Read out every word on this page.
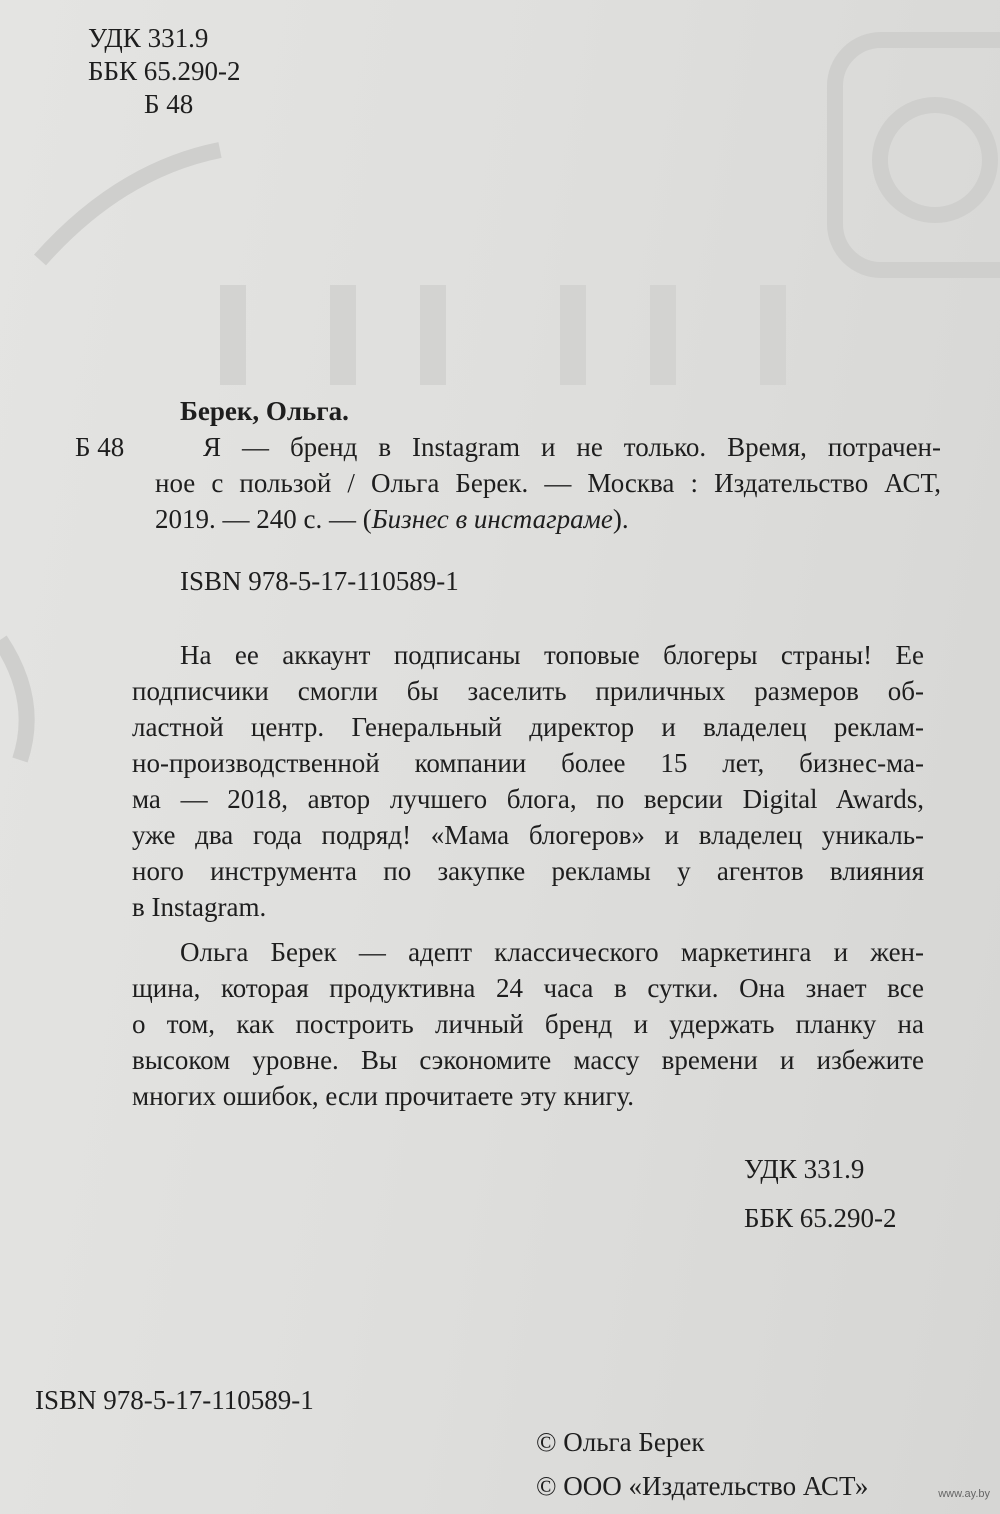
УДК 331.9
ББК 65.290-2
Б 48
Берек, Ольга.
Б 48	Я — бренд в Instagram и не только. Время, потрачен-
ное с пользой / Ольга Берек. — Москва : Издательство АСТ,
2019. — 240 с. — (Бизнес в инстаграме).
ISBN 978-5-17-110589-1
На ее аккаунт подписаны топовые блогеры страны! Ее
подписчики смогли бы заселить приличных размеров об-
ластной центр. Генеральный директор и владелец реклам-
но-производственной компании более 15 лет, бизнес-ма-
ма — 2018, автор лучшего блога, по версии Digital Awards,
уже два года подряд! «Мама блогеров» и владелец уникаль-
ного инструмента по закупке рекламы у агентов влияния
в Instagram.
Ольга Берек — адепт классического маркетинга и жен-
щина, которая продуктивна 24 часа в сутки. Она знает все
о том, как построить личный бренд и удержать планку на
высоком уровне. Вы сэкономите массу времени и избежите
многих ошибок, если прочитаете эту книгу.
УДК 331.9
ББК 65.290-2
ISBN 978-5-17-110589-1
© Ольга Берек
© ООО «Издательство АСТ»	www.ay.by
